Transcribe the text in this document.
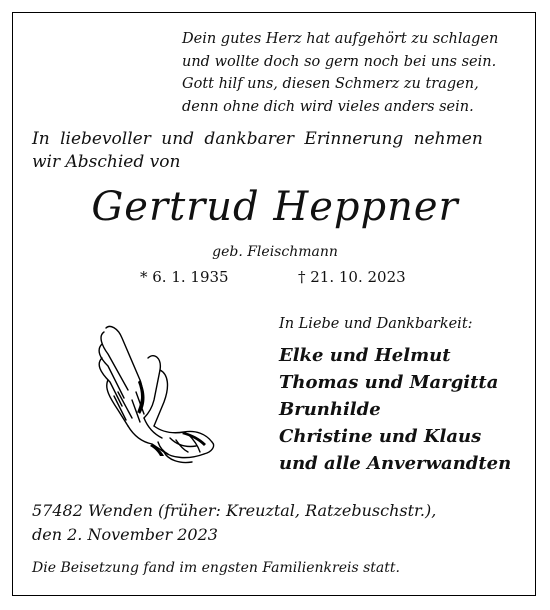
Dein gutes Herz hat aufgehört zu schlagen
und wolltе doch so gern noch bei uns sein.
Gott hilf uns, diesen Schmerz zu tragen,
denn ohne dich wird vieles anders sein.
In liebevoller und dankbarer Erinnerung nehmen
wir Abschied von
Gertrud Heppner
geb. Fleischmann
* 6. 1. 1935	† 21. 10. 2023
In Liebe und Dankbarkeit:
Elke und Helmut
Thomas und Margitta
Brunhilde
Christine und Klaus
und alle Anverwandten
57482 Wenden (früher: Kreuztal, Ratzebuschstr.),
den 2. November 2023
Die Beisetzung fand im engsten Familienkreis statt.
